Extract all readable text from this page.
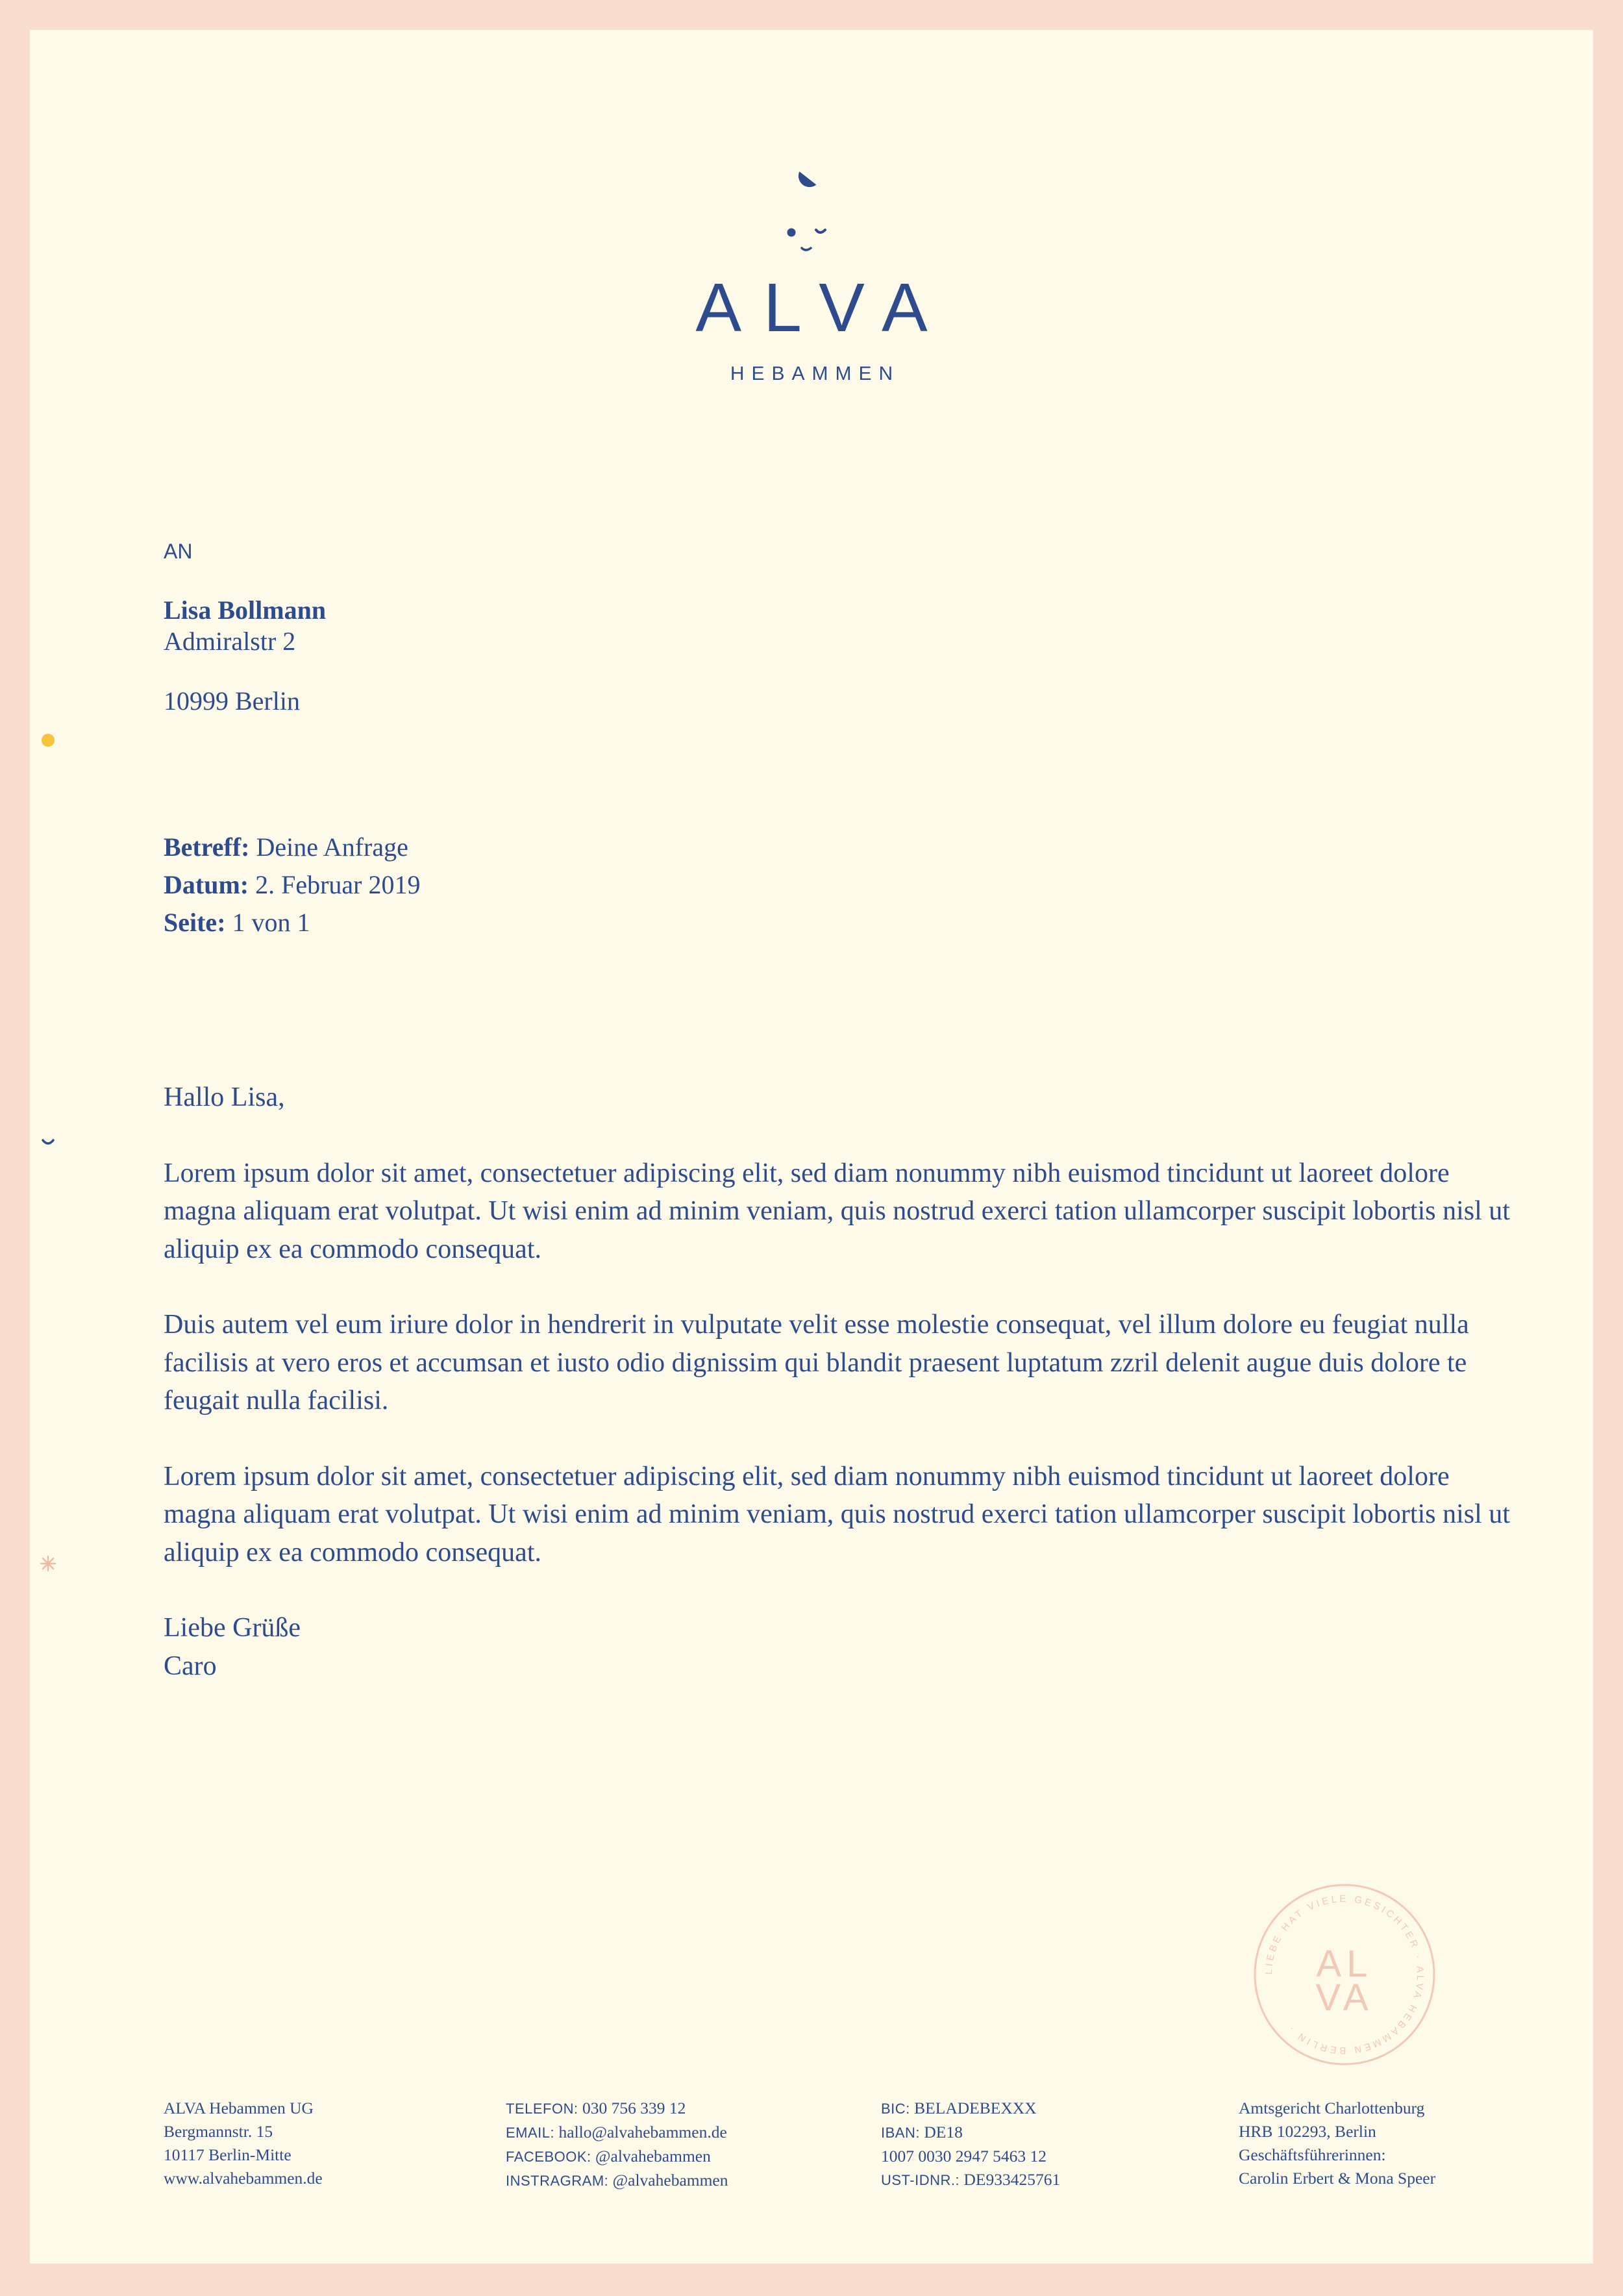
ALVA
HEBAMMEN
AN
Lisa Bollmann
Admiralstr 2
10999 Berlin
Betreff: Deine Anfrage
Datum: 2. Februar 2019
Seite: 1 von 1

Hallo Lisa,

Lorem ipsum dolor sit amet, consectetuer adipiscing elit, sed diam nonummy nibh euismod tincidunt ut laoreet dolore magna aliquam erat volutpat. Ut wisi enim ad minim veniam, quis nostrud exerci tation ullamcorper suscipit lobortis nisl ut aliquip ex ea commodo consequat.

Duis autem vel eum iriure dolor in hendrerit in vulputate velit esse molestie consequat, vel illum dolore eu feugiat nulla facilisis at vero eros et accumsan et iusto odio dignissim qui blandit praesent luptatum zzril delenit augue duis dolore te feugait nulla facilisi.

Lorem ipsum dolor sit amet, consectetuer adipiscing elit, sed diam nonummy nibh euismod tincidunt ut laoreet dolore magna aliquam erat volutpat. Ut wisi enim ad minim veniam, quis nostrud exerci tation ullamcorper suscipit lobortis nisl ut aliquip ex ea commodo consequat.

Liebe Grüße
Caro
LIEBE HAT VIELE GESICHTER · ALVA HEBAMMEN BERLIN ·
AL
VA
ALVA Hebammen UG
Bergmannstr. 15
10117 Berlin-Mitte
www.alvahebammen.de
TELEFON: 030 756 339 12
EMAIL: hallo@alvahebammen.de
FACEBOOK: @alvahebammen
INSTRAGRAM: @alvahebammen
BIC: BELADEBEXXX
IBAN: DE18
1007 0030 2947 5463 12
UST-IDNR.: DE933425761
Amtsgericht Charlottenburg
HRB 102293, Berlin
Geschäftsführerinnen:
Carolin Erbert & Mona Speer
